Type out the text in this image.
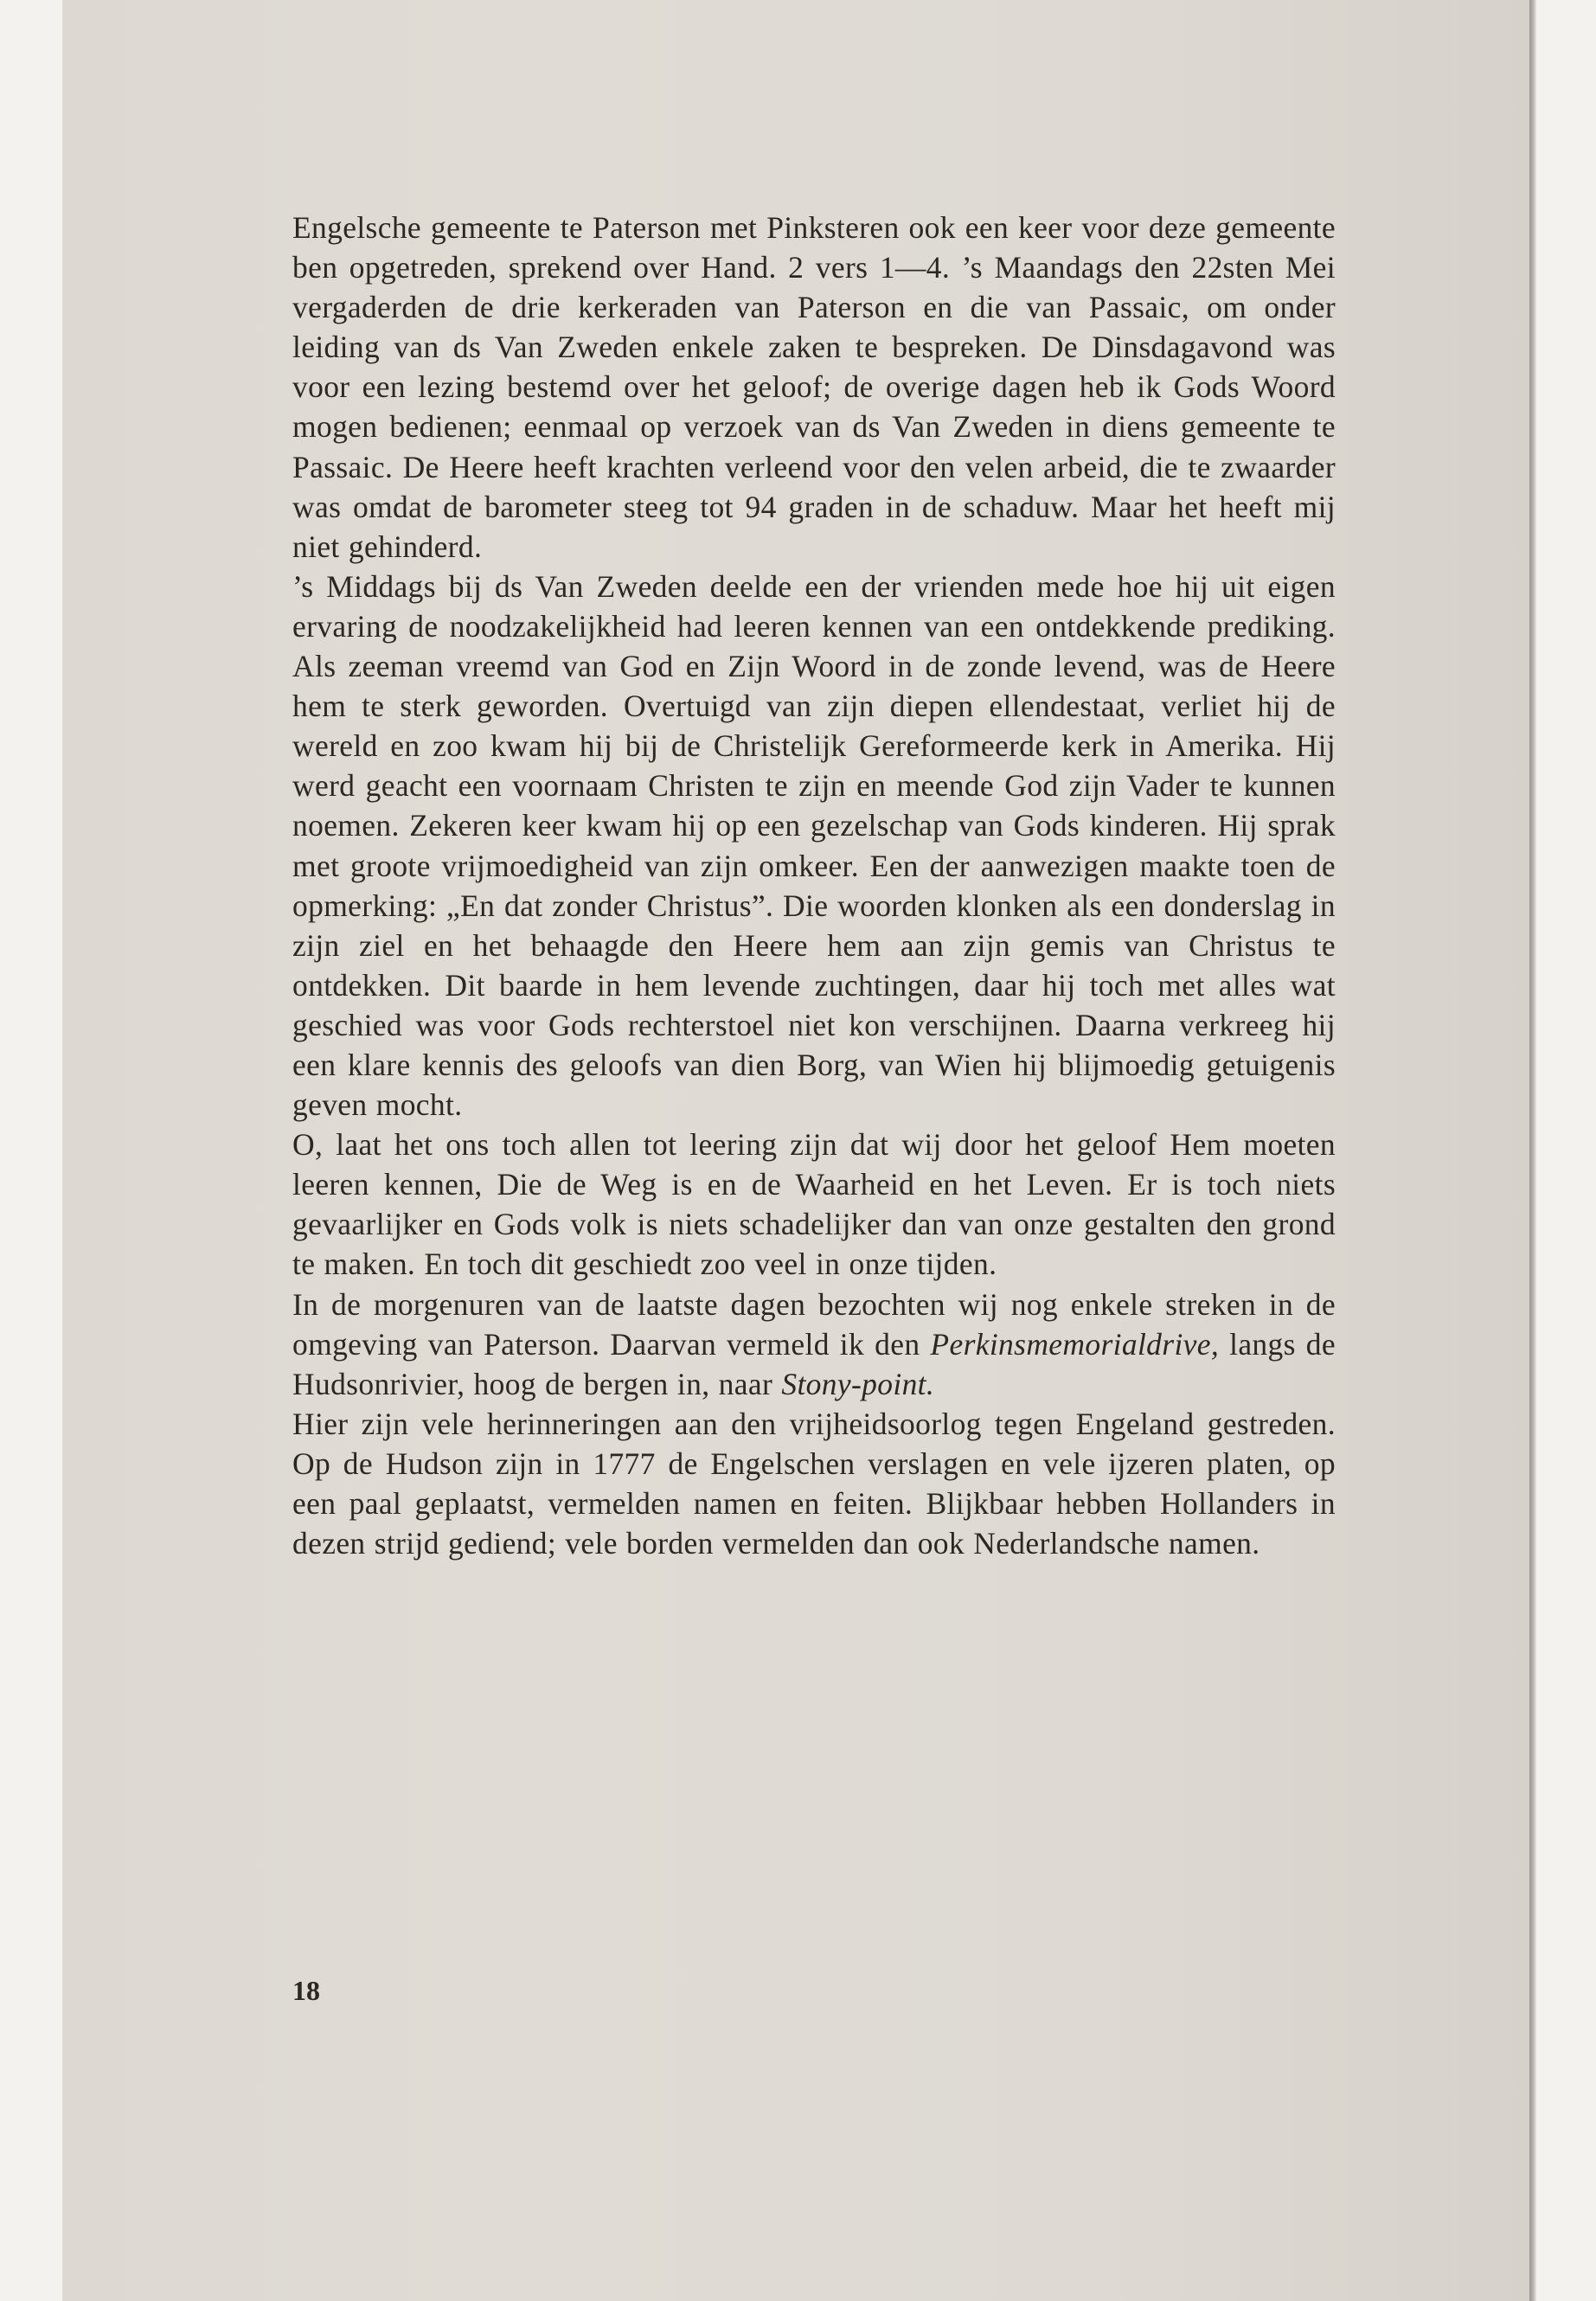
Engelsche gemeente te Paterson met Pinksteren ook een keer voor deze gemeente ben opgetreden, sprekend over Hand. 2 vers 1—4. ’s Maandags den 22sten Mei vergaderden de drie kerkeraden van Paterson en die van Passaic, om onder leiding van ds Van Zweden enkele zaken te bespreken. De Dinsdagavond was voor een lezing bestemd over het geloof; de overige dagen heb ik Gods Woord mogen bedienen; eenmaal op verzoek van ds Van Zweden in diens gemeente te Passaic. De Heere heeft krachten verleend voor den velen arbeid, die te zwaarder was omdat de barometer steeg tot 94 graden in de schaduw. Maar het heeft mij niet gehinderd.

’s Middags bij ds Van Zweden deelde een der vrienden mede hoe hij uit eigen ervaring de noodzakelijkheid had leeren kennen van een ontdekkende prediking. Als zeeman vreemd van God en Zijn Woord in de zonde levend, was de Heere hem te sterk geworden. Overtuigd van zijn diepen ellendestaat, verliet hij de wereld en zoo kwam hij bij de Christelijk Gereformeerde kerk in Amerika. Hij werd geacht een voornaam Christen te zijn en meende God zijn Vader te kunnen noemen. Zekeren keer kwam hij op een gezelschap van Gods kinderen. Hij sprak met groote vrijmoedigheid van zijn omkeer. Een der aanwezigen maakte toen de opmerking: „En dat zonder Christus”. Die woorden klonken als een donderslag in zijn ziel en het behaagde den Heere hem aan zijn gemis van Christus te ontdekken. Dit baarde in hem levende zuchtingen, daar hij toch met alles wat geschied was voor Gods rechterstoel niet kon verschijnen. Daarna verkreeg hij een klare kennis des geloofs van dien Borg, van Wien hij blijmoedig getuigenis geven mocht.

O, laat het ons toch allen tot leering zijn dat wij door het geloof Hem moeten leeren kennen, Die de Weg is en de Waarheid en het Leven. Er is toch niets gevaarlijker en Gods volk is niets schadelijker dan van onze gestalten den grond te maken. En toch dit geschiedt zoo veel in onze tijden.

In de morgenuren van de laatste dagen bezochten wij nog enkele streken in de omgeving van Paterson. Daarvan vermeld ik den Perkinsmemorialdrive, langs de Hudsonrivier, hoog de bergen in, naar Stony-point.

Hier zijn vele herinneringen aan den vrijheidsoorlog tegen Engeland gestreden. Op de Hudson zijn in 1777 de Engelschen verslagen en vele ijzeren platen, op een paal geplaatst, vermelden namen en feiten. Blijkbaar hebben Hollanders in dezen strijd gediend; vele borden vermelden dan ook Nederlandsche namen.

18
